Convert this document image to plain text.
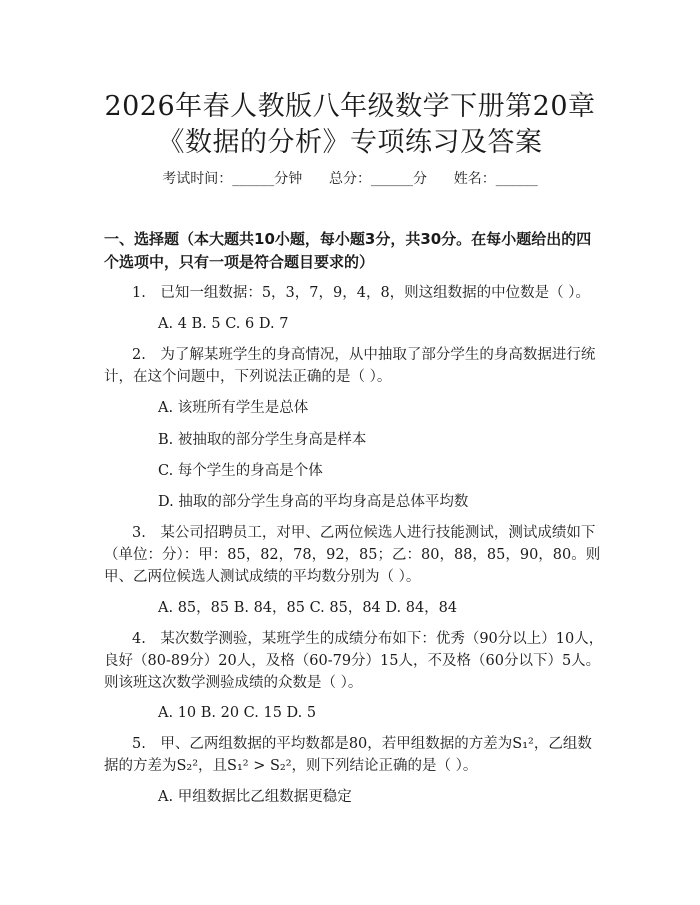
2026年春人教版八年级数学下册第20章
《数据的分析》专项练习及答案
考试时间：______分钟 总分：______分 姓名：______

一、选择题（本大题共10小题，每小题3分，共30分。在每小题给出的四个选项中，只有一项是符合题目要求的）

1.　已知一组数据：5，3，7，9，4，8，则这组数据的中位数是（ ）。

A. 4 B. 5 C. 6 D. 7

2.　为了解某班学生的身高情况，从中抽取了部分学生的身高数据进行统计，在这个问题中，下列说法正确的是（ ）。

A. 该班所有学生是总体

B. 被抽取的部分学生身高是样本

C. 每个学生的身高是个体

D. 抽取的部分学生身高的平均身高是总体平均数

3.　某公司招聘员工，对甲、乙两位候选人进行技能测试，测试成绩如下（单位：分）：甲：85，82，78，92，85；乙：80，88，85，90，80。则甲、乙两位候选人测试成绩的平均数分别为（ ）。

A. 85，85 B. 84，85 C. 85，84 D. 84，84

4.　某次数学测验，某班学生的成绩分布如下：优秀（90分以上）10人，良好（80-89分）20人，及格（60-79分）15人，不及格（60分以下）5人。则该班这次数学测验成绩的众数是（ ）。

A. 10 B. 20 C. 15 D. 5

5.　甲、乙两组数据的平均数都是80，若甲组数据的方差为S₁²，乙组数据的方差为S₂²，且S₁² > S₂²，则下列结论正确的是（ ）。

A. 甲组数据比乙组数据更稳定
